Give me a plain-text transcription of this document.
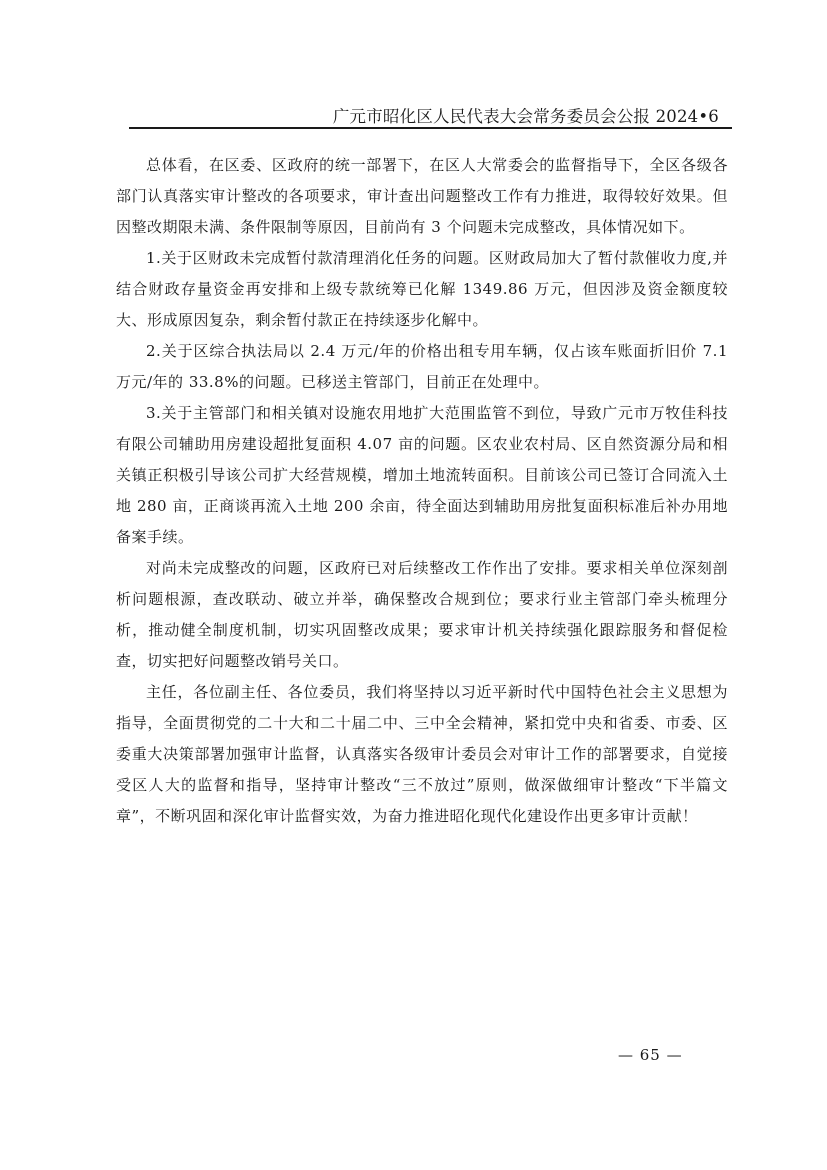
广元市昭化区人民代表大会常务委员会公报 2024•6

总体看，在区委、区政府的统一部署下，在区人大常委会的监督指导下，全区各级各部门认真落实审计整改的各项要求，审计查出问题整改工作有力推进，取得较好效果。但因整改期限未满、条件限制等原因，目前尚有 3 个问题未完成整改，具体情况如下。

1.关于区财政未完成暂付款清理消化任务的问题。区财政局加大了暂付款催收力度,并结合财政存量资金再安排和上级专款统筹已化解 1349.86 万元，但因涉及资金额度较大、形成原因复杂，剩余暂付款正在持续逐步化解中。

2.关于区综合执法局以 2.4 万元/年的价格出租专用车辆，仅占该车账面折旧价 7.1 万元/年的 33.8%的问题。已移送主管部门，目前正在处理中。

3.关于主管部门和相关镇对设施农用地扩大范围监管不到位，导致广元市万牧佳科技有限公司辅助用房建设超批复面积 4.07 亩的问题。区农业农村局、区自然资源分局和相关镇正积极引导该公司扩大经营规模，增加土地流转面积。目前该公司已签订合同流入土地 280 亩，正商谈再流入土地 200 余亩，待全面达到辅助用房批复面积标准后补办用地备案手续。

对尚未完成整改的问题，区政府已对后续整改工作作出了安排。要求相关单位深刻剖析问题根源，查改联动、破立并举，确保整改合规到位；要求行业主管部门牵头梳理分析，推动健全制度机制，切实巩固整改成果；要求审计机关持续强化跟踪服务和督促检查，切实把好问题整改销号关口。

主任，各位副主任、各位委员，我们将坚持以习近平新时代中国特色社会主义思想为指导，全面贯彻党的二十大和二十届二中、三中全会精神，紧扣党中央和省委、市委、区委重大决策部署加强审计监督，认真落实各级审计委员会对审计工作的部署要求，自觉接受区人大的监督和指导，坚持审计整改“三不放过”原则，做深做细审计整改“下半篇文章”，不断巩固和深化审计监督实效，为奋力推进昭化现代化建设作出更多审计贡献！

— 65 —
